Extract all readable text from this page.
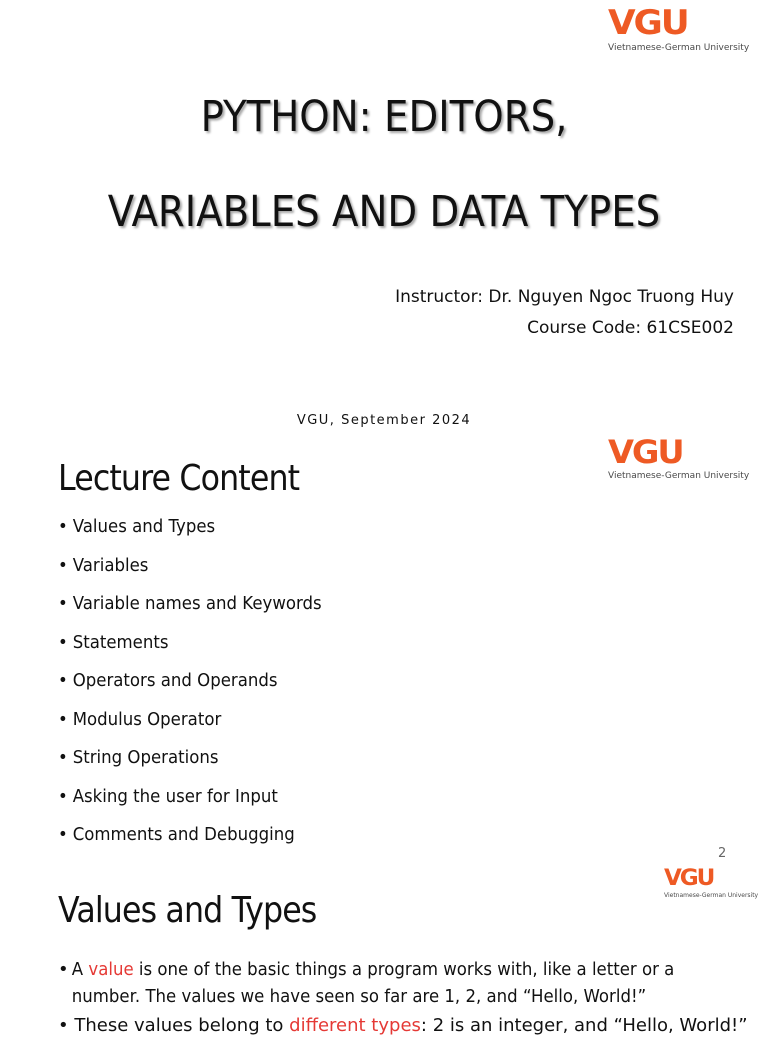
VGU
Vietnamese-German University
PYTHON: EDITORS,
VARIABLES AND DATA TYPES
Instructor: Dr. Nguyen Ngoc Truong Huy
Course Code: 61CSE002
VGU, September 2024
VGU
Vietnamese-German University
Lecture Content
• Values and Types
• Variables
• Variable names and Keywords
• Statements
• Operators and Operands
• Modulus Operator
• String Operations
• Asking the user for Input
• Comments and Debugging
2
VGU
Vietnamese-German University
Values and Types
• A value is one of the basic things a program works with, like a letter or a
number. The values we have seen so far are 1, 2, and “Hello, World!”
• These values belong to different types: 2 is an integer, and “Hello, World!”
